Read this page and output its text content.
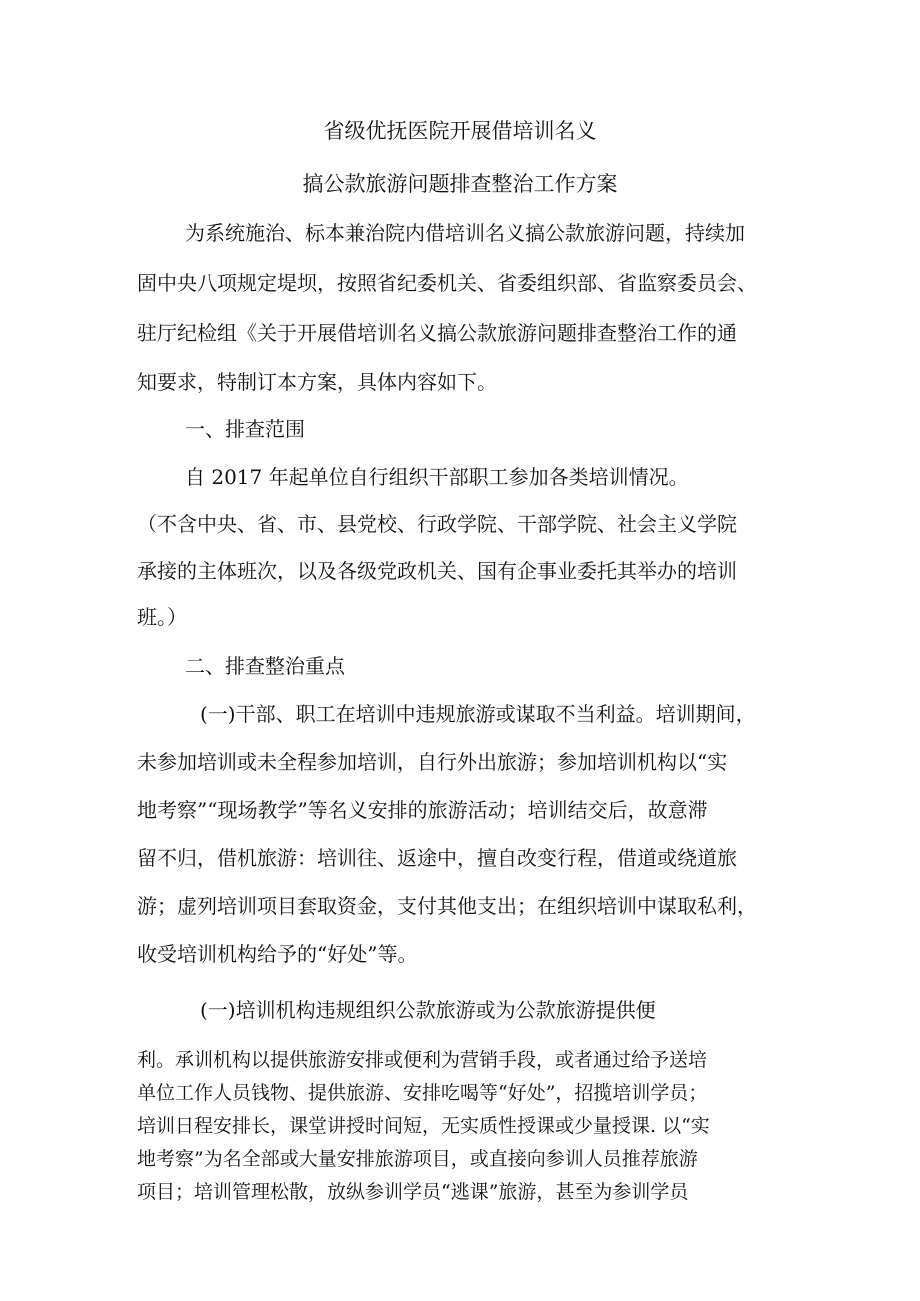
省级优抚医院开展借培训名义
搞公款旅游问题排查整治工作方案
为系统施治、标本兼治院内借培训名义搞公款旅游问题，持续加
固中央八项规定堤坝，按照省纪委机关、省委组织部、省监察委员会、
驻厅纪检组《关于开展借培训名义搞公款旅游问题排查整治工作的通
知要求，特制订本方案，具体内容如下。
一、排查范围
自 2017 年起单位自行组织干部职工参加各类培训情况。
（不含中央、省、市、县党校、行政学院、干部学院、社会主义学院
承接的主体班次，以及各级党政机关、国有企事业委托其举办的培训
班。）
二、排查整治重点
(一)干部、职工在培训中违规旅游或谋取不当利益。培训期间，
未参加培训或未全程参加培训，自行外出旅游；参加培训机构以“实
地考察”“现场教学”等名义安排的旅游活动；培训结交后，故意滞
留不归，借机旅游：培训往、返途中，擅自改变行程，借道或绕道旅
游；虚列培训项目套取资金，支付其他支出；在组织培训中谋取私利，
收受培训机构给予的“好处”等。
(一)培训机构违规组织公款旅游或为公款旅游提供便
利。承训机构以提供旅游安排或便利为营销手段，或者通过给予送培
单位工作人员钱物、提供旅游、安排吃喝等“好处”，招揽培训学员；
培训日程安排长，课堂讲授时间短，无实质性授课或少量授课. 以“实
地考察”为名全部或大量安排旅游项目，或直接向参训人员推荐旅游
项目；培训管理松散，放纵参训学员“逃课”旅游，甚至为参训学员
